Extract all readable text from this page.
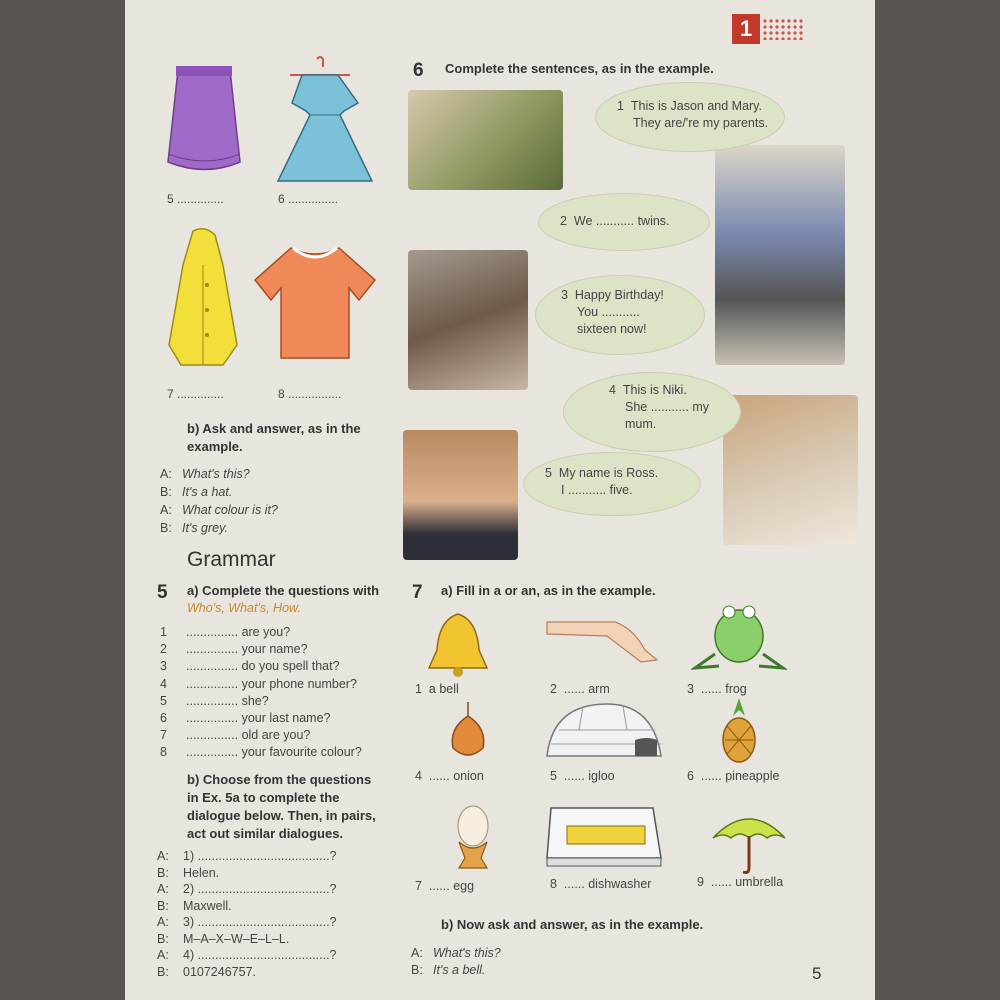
1
5 ..............	6 ...............
7 ..............	8 ................
b) Ask and answer, as in the
example.
A: What's this?
B: It's a hat.
A: What colour is it?
B: It's grey.
6 Complete the sentences, as in the example.
1 This is Jason and Mary.
They are/'re my parents.
2 We ........... twins.
3 Happy Birthday!
You ...........
sixteen now!
4 This is Niki.
She ........... my
mum.
5 My name is Ross.
I ........... five.
Grammar
5 a) Complete the questions with
Who's, What's, How.
1 ............... are you?
2 ............... your name?
3 ............... do you spell that?
4 ............... your phone number?
5 ............... she?
6 ............... your last name?
7 ............... old are you?
8 ............... your favourite colour?
b) Choose from the questions
in Ex. 5a to complete the
dialogue below. Then, in pairs,
act out similar dialogues.
A: 1) ......................................?
B: Helen.
A: 2) ......................................?
B: Maxwell.
A: 3) ......................................?
B: M–A–X–W–E–L–L.
A: 4) ......................................?
B: 0107246757.
7 a) Fill in a or an, as in the example.
1 a bell	2 ...... arm	3 ...... frog
4 ...... onion	5 ...... igloo	6 ...... pineapple
7 ...... egg	8 ...... dishwasher	9 ...... umbrella
b) Now ask and answer, as in the example.
A: What's this?
B: It's a bell.	5
